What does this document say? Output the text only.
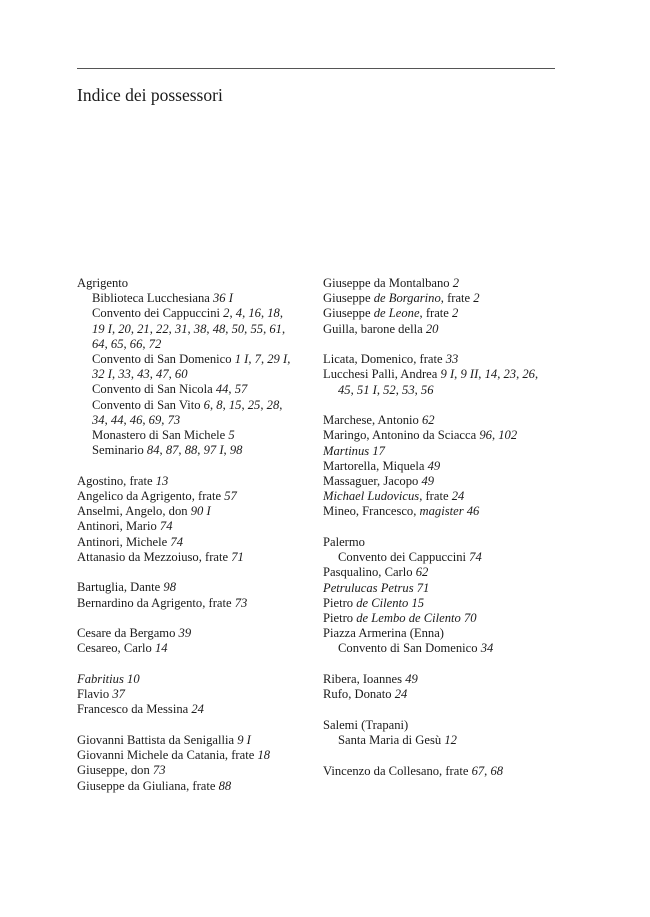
Indice dei possessori
Agrigento
Biblioteca Lucchesiana 36 I
Convento dei Cappuccini 2, 4, 16, 18,
19 I, 20, 21, 22, 31, 38, 48, 50, 55, 61,
64, 65, 66, 72
Convento di San Domenico 1 I, 7, 29 I,
32 I, 33, 43, 47, 60
Convento di San Nicola 44, 57
Convento di San Vito 6, 8, 15, 25, 28,
34, 44, 46, 69, 73
Monastero di San Michele 5
Seminario 84, 87, 88, 97 I, 98
Agostino, frate 13
Angelico da Agrigento, frate 57
Anselmi, Angelo, don 90 I
Antinori, Mario 74
Antinori, Michele 74
Attanasio da Mezzoiuso, frate 71
Bartuglia, Dante 98
Bernardino da Agrigento, frate 73
Cesare da Bergamo 39
Cesareo, Carlo 14
Fabritius 10
Flavio 37
Francesco da Messina 24
Giovanni Battista da Senigallia 9 I
Giovanni Michele da Catania, frate 18
Giuseppe, don 73
Giuseppe da Giuliana, frate 88
Giuseppe da Montalbano 2
Giuseppe de Borgarino, frate 2
Giuseppe de Leone, frate 2
Guilla, barone della 20
Licata, Domenico, frate 33
Lucchesi Palli, Andrea 9 I, 9 II, 14, 23, 26,
45, 51 I, 52, 53, 56
Marchese, Antonio 62
Maringo, Antonino da Sciacca 96, 102
Martinus 17
Martorella, Miquela 49
Massaguer, Jacopo 49
Michael Ludovicus, frate 24
Mineo, Francesco, magister 46
Palermo
Convento dei Cappuccini 74
Pasqualino, Carlo 62
Petrulucas Petrus 71
Pietro de Cilento 15
Pietro de Lembo de Cilento 70
Piazza Armerina (Enna)
Convento di San Domenico 34
Ribera, Ioannes 49
Rufo, Donato 24
Salemi (Trapani)
Santa Maria di Gesù 12
Vincenzo da Collesano, frate 67, 68
